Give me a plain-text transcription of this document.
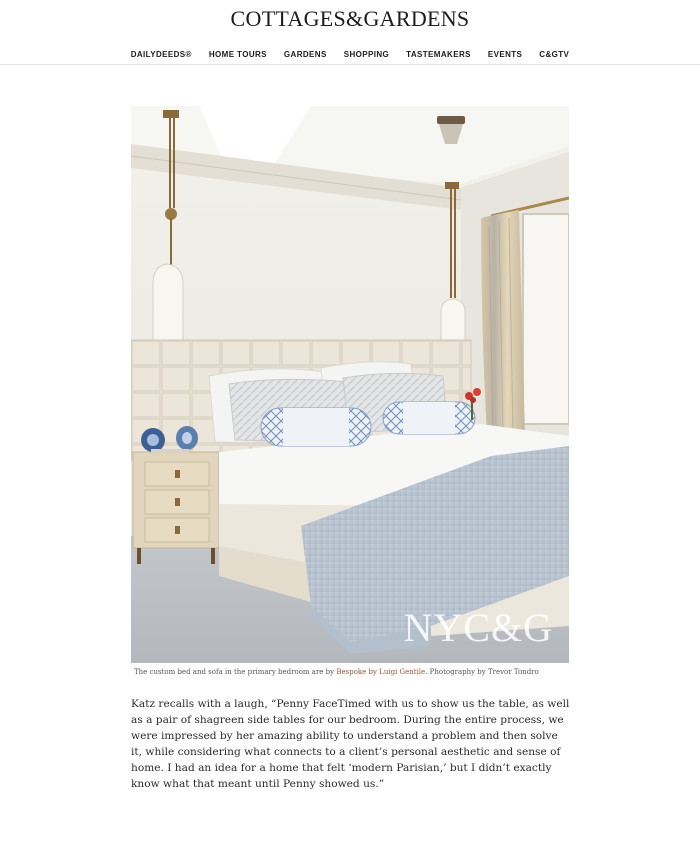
COTTAGES&GARDENS
DAILYDEEDS® HOME TOURS GARDENS SHOPPING TASTEMAKERS EVENTS C&GTV
NYC&G
The custom bed and sofa in the primary bedroom are by Bespoke by Luigi Gentile. Photography by Trevor Tondro

Katz recalls with a laugh, “Penny FaceTimed with us to show us the table, as well as a pair of shagreen side tables for our bedroom. During the entire process, we were impressed by her amazing ability to understand a problem and then solve it, while considering what connects to a client’s personal aesthetic and sense of home. I had an idea for a home that felt ‘modern Parisian,’ but I didn’t exactly know what that meant until Penny showed us.”
